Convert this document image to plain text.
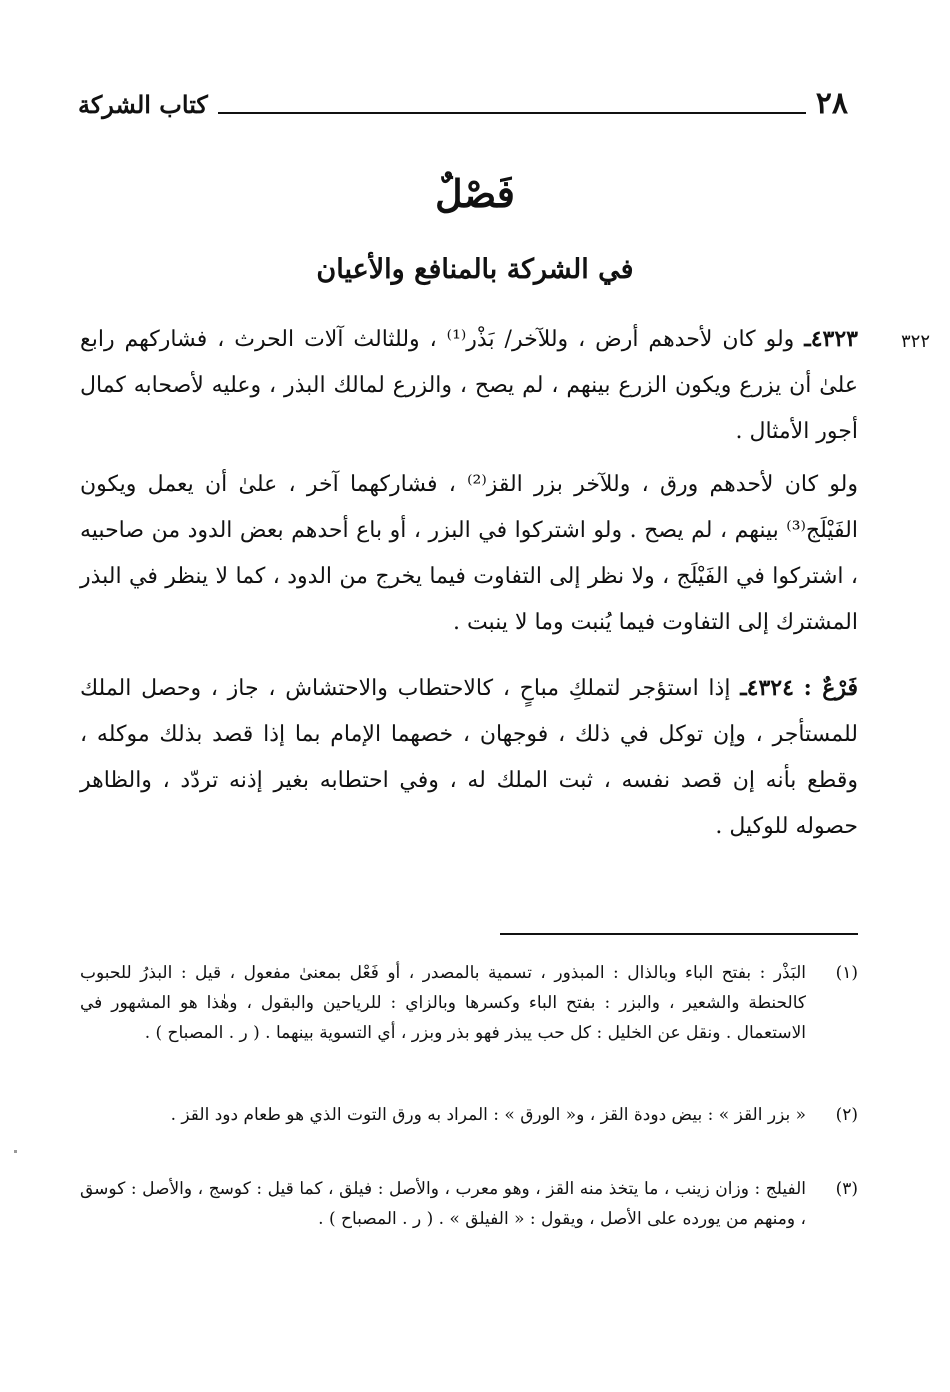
٢٨
كتاب الشركة
فَصْلٌ
في الشركة بالمنافع والأعيان
٣٢٢
٤٣٢٣ـ ولو كان لأحدهم أرض ، وللآخر/ بَذْر⁽¹⁾ ، وللثالث آلات الحرث ، فشاركهم رابع علىٰ أن يزرع ويكون الزرع بينهم ، لم يصح ، والزرع لمالك البذر ، وعليه لأصحابه كمال أجور الأمثال .
ولو كان لأحدهم ورق ، وللآخر بزر القز⁽²⁾ ، فشاركهما آخر ، علىٰ أن يعمل ويكون الفَيْلَج⁽³⁾ بينهم ، لم يصح . ولو اشتركوا في البزر ، أو باع أحدهم بعض الدود من صاحبيه ، اشتركوا في الفَيْلَج ، ولا نظر إلى التفاوت فيما يخرج من الدود ، كما لا ينظر في البذر المشترك إلى التفاوت فيما يُنبت وما لا ينبت .
فَرْعٌ : ٤٣٢٤ـ إذا استؤجر لتملكِ مباحٍ ، كالاحتطاب والاحتشاش ، جاز ، وحصل الملك للمستأجر ، وإن توكل في ذلك ، فوجهان ، خصهما الإمام بما إذا قصد بذلك موكله ، وقطع بأنه إن قصد نفسه ، ثبت الملك له ، وفي احتطابه بغير إذنه تردّد ، والظاهر حصوله للوكيل .
(١)
البَذْر : بفتح الباء وبالذال : المبذور ، تسمية بالمصدر ، أو فَعْل بمعنىٰ مفعول ، قيل : البذرُ للحبوب كالحنطة والشعير ، والبزر : بفتح الباء وكسرها وبالزاي : للرياحين والبقول ، وهٰذا هو المشهور في الاستعمال . ونقل عن الخليل : كل حب يبذر فهو بذر وبزر ، أي التسوية بينهما . ( ر . المصباح ) .
(٢)
« بزر القز » : بيض دودة القز ، و« الورق » : المراد به ورق التوت الذي هو طعام دود القز .
(٣)
الفيلج : وزان زينب ، ما يتخذ منه القز ، وهو معرب ، والأصل : فيلق ، كما قيل : كوسج ، والأصل : كوسق ، ومنهم من يورده على الأصل ، ويقول : « الفيلق » . ( ر . المصباح ) .
